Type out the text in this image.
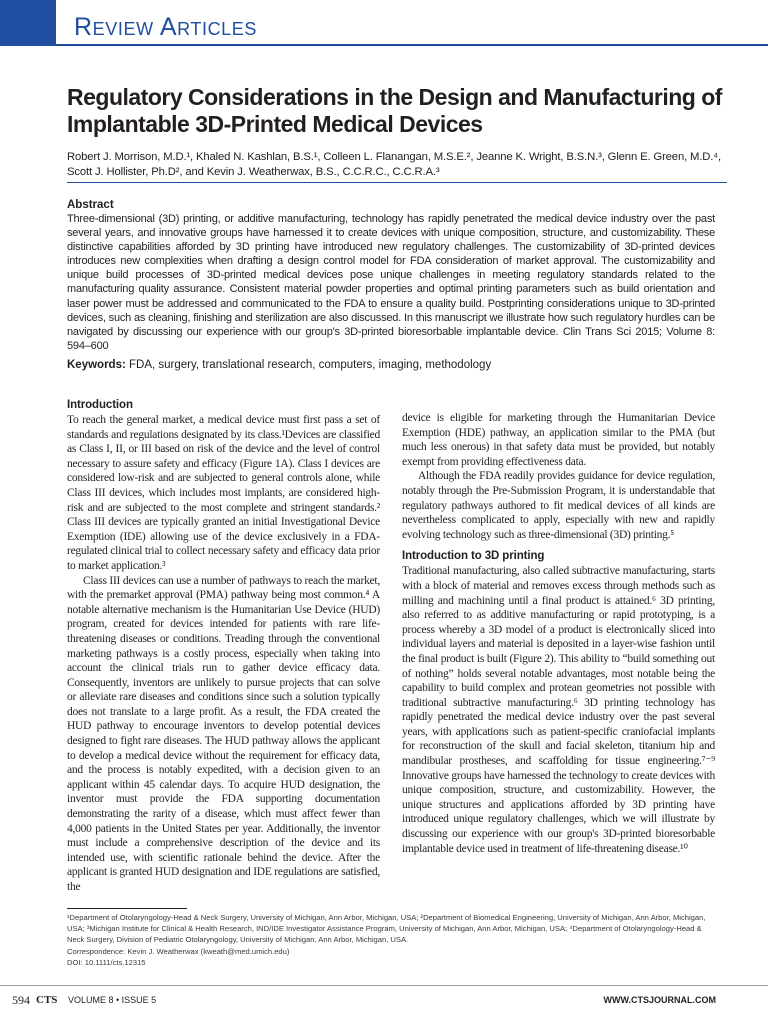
Review Articles
Regulatory Considerations in the Design and Manufacturing of Implantable 3D-Printed Medical Devices
Robert J. Morrison, M.D.¹, Khaled N. Kashlan, B.S.¹, Colleen L. Flanangan, M.S.E.², Jeanne K. Wright, B.S.N.³, Glenn E. Green, M.D.⁴, Scott J. Hollister, Ph.D², and Kevin J. Weatherwax, B.S., C.C.R.C., C.C.R.A.³
Abstract

Three-dimensional (3D) printing, or additive manufacturing, technology has rapidly penetrated the medical device industry over the past several years, and innovative groups have harnessed it to create devices with unique composition, structure, and customizability. These distinctive capabilities afforded by 3D printing have introduced new regulatory challenges. The customizability of 3D-printed devices introduces new complexities when drafting a design control model for FDA consideration of market approval. The customizability and unique build processes of 3D-printed medical devices pose unique challenges in meeting regulatory standards related to the manufacturing quality assurance. Consistent material powder properties and optimal printing parameters such as build orientation and laser power must be addressed and communicated to the FDA to ensure a quality build. Postprinting considerations unique to 3D-printed devices, such as cleaning, finishing and sterilization are also discussed. In this manuscript we illustrate how such regulatory hurdles can be navigated by discussing our experience with our group's 3D-printed bioresorbable implantable device. Clin Trans Sci 2015; Volume 8: 594–600

Keywords: FDA, surgery, translational research, computers, imaging, methodology
Introduction

To reach the general market, a medical device must first pass a set of standards and regulations designated by its class.¹Devices are classified as Class I, II, or III based on risk of the device and the level of control necessary to assure safety and efficacy (Figure 1A). Class I devices are considered low-risk and are subjected to general controls alone, while Class III devices, which includes most implants, are considered high-risk and are subjected to the most complete and stringent standards.² Class III devices are typically granted an initial Investigational Device Exemption (IDE) allowing use of the device exclusively in a FDA-regulated clinical trial to collect necessary safety and efficacy data prior to market application.³

Class III devices can use a number of pathways to reach the market, with the premarket approval (PMA) pathway being most common.⁴ A notable alternative mechanism is the Humanitarian Use Device (HUD) program, created for devices intended for patients with rare life-threatening diseases or conditions. Treading through the conventional marketing pathways is a costly process, especially when taking into account the clinical trials run to gather device efficacy data. Consequently, inventors are unlikely to pursue projects that can solve or alleviate rare diseases and conditions since such a solution typically does not translate to a large profit. As a result, the FDA created the HUD pathway to encourage inventors to develop potential devices designed to fight rare diseases. The HUD pathway allows the applicant to develop a medical device without the requirement for efficacy data, and the process is notably expedited, with a decision given to an applicant within 45 calendar days. To acquire HUD designation, the inventor must provide the FDA supporting documentation demonstrating the rarity of a disease, which must affect fewer than 4,000 patients in the United States per year. Additionally, the inventor must include a comprehensive description of the device and its intended use, with scientific rationale behind the device. After the applicant is granted HUD designation and IDE regulations are satisfied, the

device is eligible for marketing through the Humanitarian Device Exemption (HDE) pathway, an application similar to the PMA (but much less onerous) in that safety data must be provided, but notably exempt from providing effectiveness data.

Although the FDA readily provides guidance for device regulation, notably through the Pre-Submission Program, it is understandable that regulatory pathways authored to fit medical devices of all kinds are nevertheless complicated to apply, especially with new and rapidly evolving technology such as three-dimensional (3D) printing.⁵

Introduction to 3D printing

Traditional manufacturing, also called subtractive manufacturing, starts with a block of material and removes excess through methods such as milling and machining until a final product is attained.⁶ 3D printing, also referred to as additive manufacturing or rapid prototyping, is a process whereby a 3D model of a product is electronically sliced into individual layers and material is deposited in a layer-wise fashion until the final product is built (Figure 2). This ability to “build something out of nothing” holds several notable advantages, most notable being the capability to build complex and protean geometries not possible with traditional subtractive manufacturing.⁶ 3D printing technology has rapidly penetrated the medical device industry over the past several years, with applications such as patient-specific craniofacial implants for reconstruction of the skull and facial skeleton, titanium hip and mandibular prostheses, and scaffolding for tissue engineering.⁷⁻⁹ Innovative groups have harnessed the technology to create devices with unique composition, structure, and customizability. However, the unique structures and applications afforded by 3D printing have introduced unique regulatory challenges, which we will illustrate by discussing our experience with our group's 3D-printed bioresorbable implantable device used in treatment of life-threatening disease.¹⁰

¹Department of Otolaryngology-Head & Neck Surgery, University of Michigan, Ann Arbor, Michigan, USA; ²Department of Biomedical Engineering, University of Michigan, Ann Arbor, Michigan, USA; ³Michigan Institute for Clinical & Health Research, IND/IDE Investigator Assistance Program, University of Michigan, Ann Arbor, Michigan, USA; ⁴Department of Otolaryngology-Head & Neck Surgery, Division of Pediatric Otolaryngology, University of Michigan, Ann Arbor, Michigan, USA.
Correspondence: Kevin J. Weatherwax (kweath@med.umich.edu)
DOI: 10.1111/cts.12315
594 CTS VOLUME 8 • ISSUE 5	WWW.CTSJOURNAL.COM
